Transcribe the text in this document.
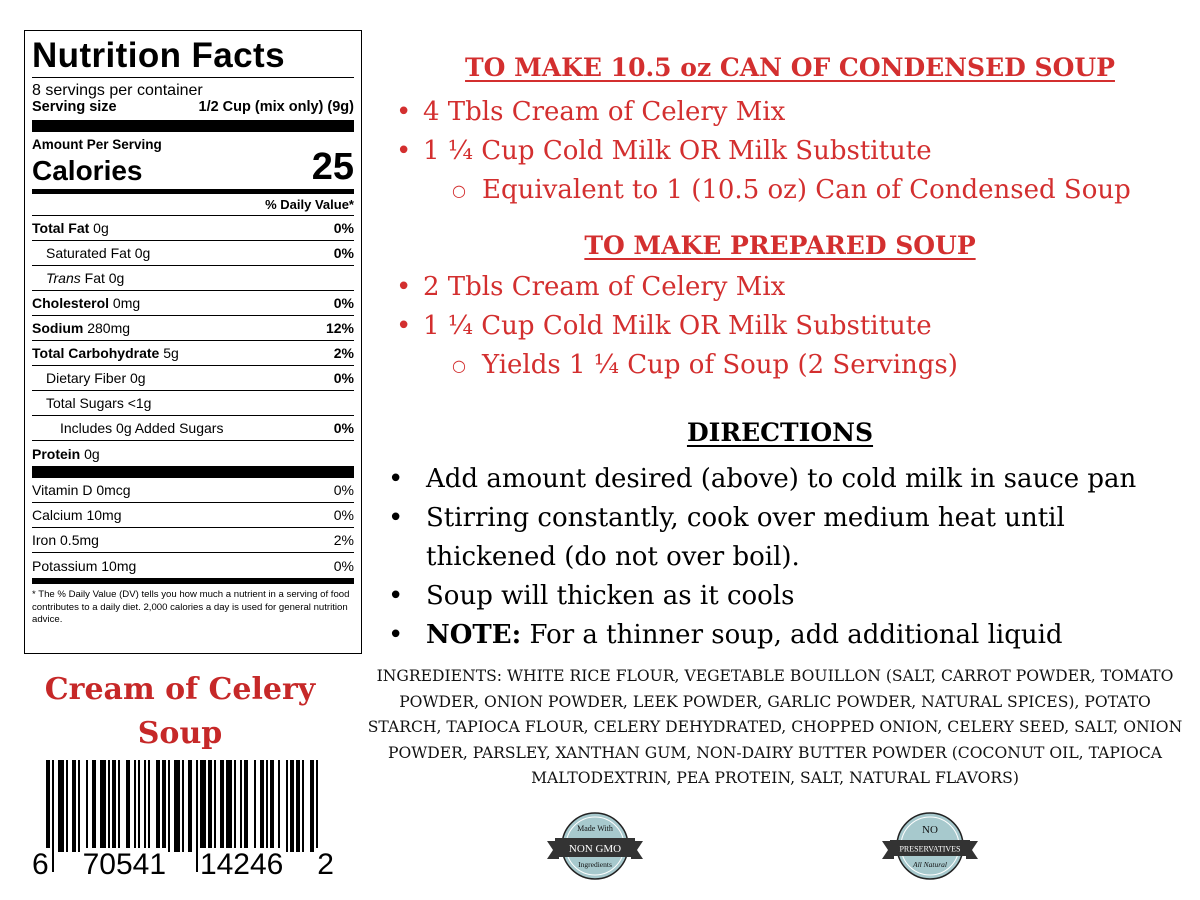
Nutrition Facts
8 servings per container
Serving size	1/2 Cup (mix only) (9g)
Amount Per Serving
Calories	25
% Daily Value*
Total Fat 0g	0%
Saturated Fat 0g	0%
Trans Fat 0g
Cholesterol 0mg	0%
Sodium 280mg	12%
Total Carbohydrate 5g	2%
Dietary Fiber 0g	0%
Total Sugars <1g
Includes 0g Added Sugars	0%
Protein 0g
Vitamin D 0mcg	0%
Calcium 10mg	0%
Iron 0.5mg	2%
Potassium 10mg	0%
* The % Daily Value (DV) tells you how much a nutrient in a serving of food contributes to a daily diet. 2,000 calories a day is used for general nutrition advice.
Cream of Celery
Soup
6 70541 14246 2
TO MAKE 10.5 oz CAN OF CONDENSED SOUP
• 4 Tbls Cream of Celery Mix
• 1 ¼ Cup Cold Milk OR Milk Substitute
○ Equivalent to 1 (10.5 oz) Can of Condensed Soup
TO MAKE PREPARED SOUP
• 2 Tbls Cream of Celery Mix
• 1 ¼ Cup Cold Milk OR Milk Substitute
○ Yields 1 ¼ Cup of Soup (2 Servings)
DIRECTIONS
• Add amount desired (above) to cold milk in sauce pan
• Stirring constantly, cook over medium heat until thickened (do not over boil).
• Soup will thicken as it cools
• NOTE: For a thinner soup, add additional liquid
INGREDIENTS: WHITE RICE FLOUR, VEGETABLE BOUILLON (SALT, CARROT POWDER, TOMATO POWDER, ONION POWDER, LEEK POWDER, GARLIC POWDER, NATURAL SPICES), POTATO STARCH, TAPIOCA FLOUR, CELERY DEHYDRATED, CHOPPED ONION, CELERY SEED, SALT, ONION POWDER, PARSLEY, XANTHAN GUM, NON-DAIRY BUTTER POWDER (COCONUT OIL, TAPIOCA MALTODEXTRIN, PEA PROTEIN, SALT, NATURAL FLAVORS)
Made With
NON GMO
Ingredients
NO
PRESERVATIVES
All Natural
